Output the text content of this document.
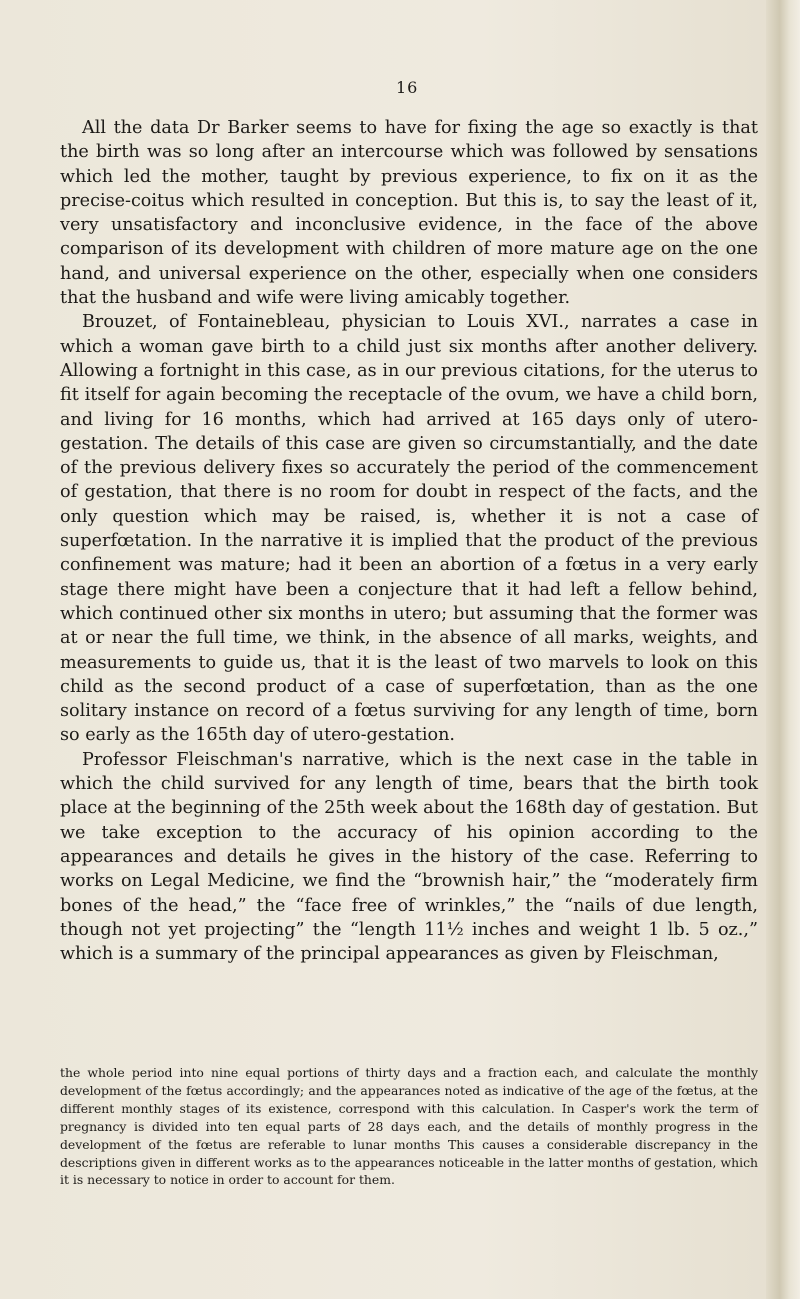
16

All the data Dr Barker seems to have for fixing the age so exactly is that the birth was so long after an intercourse which was followed by sensations which led the mother, taught by previous experience, to fix on it as the precise-coitus which resulted in conception. But this is, to say the least of it, very unsatisfactory and inconclusive evidence, in the face of the above comparison of its development with children of more mature age on the one hand, and universal experience on the other, especially when one considers that the husband and wife were living amicably together.

Brouzet, of Fontainebleau, physician to Louis XVI., narrates a case in which a woman gave birth to a child just six months after another delivery. Allowing a fortnight in this case, as in our previous citations, for the uterus to fit itself for again becoming the receptacle of the ovum, we have a child born, and living for 16 months, which had arrived at 165 days only of utero-gestation. The details of this case are given so circumstantially, and the date of the previous delivery fixes so accurately the period of the commencement of gestation, that there is no room for doubt in respect of the facts, and the only question which may be raised, is, whether it is not a case of superfœtation. In the narrative it is implied that the product of the previous confinement was mature; had it been an abortion of a fœtus in a very early stage there might have been a conjecture that it had left a fellow behind, which continued other six months in utero; but assuming that the former was at or near the full time, we think, in the absence of all marks, weights, and measurements to guide us, that it is the least of two marvels to look on this child as the second product of a case of superfœtation, than as the one solitary instance on record of a fœtus surviving for any length of time, born so early as the 165th day of utero-gestation.

Professor Fleischman's narrative, which is the next case in the table in which the child survived for any length of time, bears that the birth took place at the beginning of the 25th week about the 168th day of gestation. But we take exception to the accuracy of his opinion according to the appearances and details he gives in the history of the case. Referring to works on Legal Medicine, we find the “brownish hair,” the “moderately firm bones of the head,” the “face free of wrinkles,” the “nails of due length, though not yet projecting” the “length 11½ inches and weight 1 lb. 5 oz.,” which is a summary of the principal appearances as given by Fleischman,

the whole period into nine equal portions of thirty days and a fraction each, and calculate the monthly development of the fœtus accordingly; and the appearances noted as indicative of the age of the fœtus, at the different monthly stages of its existence, correspond with this calculation. In Casper's work the term of pregnancy is divided into ten equal parts of 28 days each, and the details of monthly progress in the development of the fœtus are referable to lunar months This causes a considerable discrepancy in the descriptions given in different works as to the appearances noticeable in the latter months of gestation, which it is necessary to notice in order to account for them.
